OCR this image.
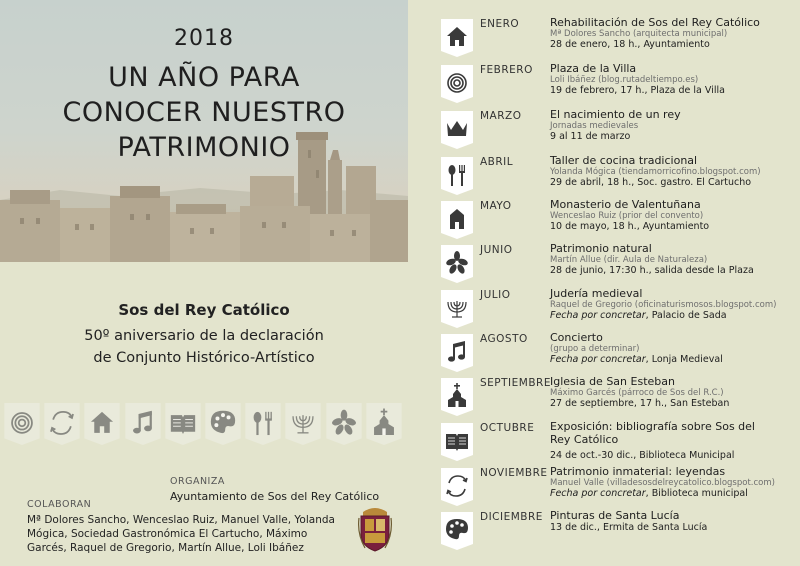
2018
UN AÑO PARA
CONOCER NUESTRO
PATRIMONIO
Sos del Rey Católico
50º aniversario de la declaración
de Conjunto Histórico-Artístico
ORGANIZA
Ayuntamiento de Sos del Rey Católico
COLABORAN
Mª Dolores Sancho, Wenceslao Ruiz, Manuel Valle, Yolanda Mógica, Sociedad Gastronómica El Cartucho, Máximo Garcés, Raquel de Gregorio, Martín Allue, Loli Ibáñez
ENERO	Rehabilitación de Sos del Rey Católico
Mª Dolores Sancho (arquitecta municipal)
28 de enero, 18 h., Ayuntamiento
FEBRERO Plaza de la Villa
Loli Ibáñez (blog.rutadeltiempo.es)
19 de febrero, 17 h., Plaza de la Villa
MARZO	El nacimiento de un rey
Jornadas medievales
9 al 11 de marzo
ABRIL	Taller de cocina tradicional
Yolanda Mógica (tiendamorricofino.blogspot.com)
29 de abril, 18 h., Soc. gastro. El Cartucho
MAYO	Monasterio de Valentuñana
Wenceslao Ruiz (prior del convento)
10 de mayo, 18 h., Ayuntamiento
JUNIO	Patrimonio natural
Martín Allue (dir. Aula de Naturaleza)
28 de junio, 17:30 h., salida desde la Plaza
JULIO	Judería medieval
Raquel de Gregorio (oficinaturismosos.blogspot.com)
Fecha por concretar, Palacio de Sada
AGOSTO Concierto
(grupo a determinar)
Fecha por concretar, Lonja Medieval
SEPTIEMBRE Iglesia de San Esteban
Máximo Garcés (párroco de Sos del R.C.)
27 de septiembre, 17 h., San Esteban
OCTUBRE Exposición: bibliografía sobre Sos del
Rey Católico
24 de oct.-30 dic., Biblioteca Municipal
NOVIEMBRE Patrimonio inmaterial: leyendas
Manuel Valle (villadesosdelreycatolico.blogspot.com)
Fecha por concretar, Biblioteca municipal
DICIEMBRE Pinturas de Santa Lucía
13 de dic., Ermita de Santa Lucía
